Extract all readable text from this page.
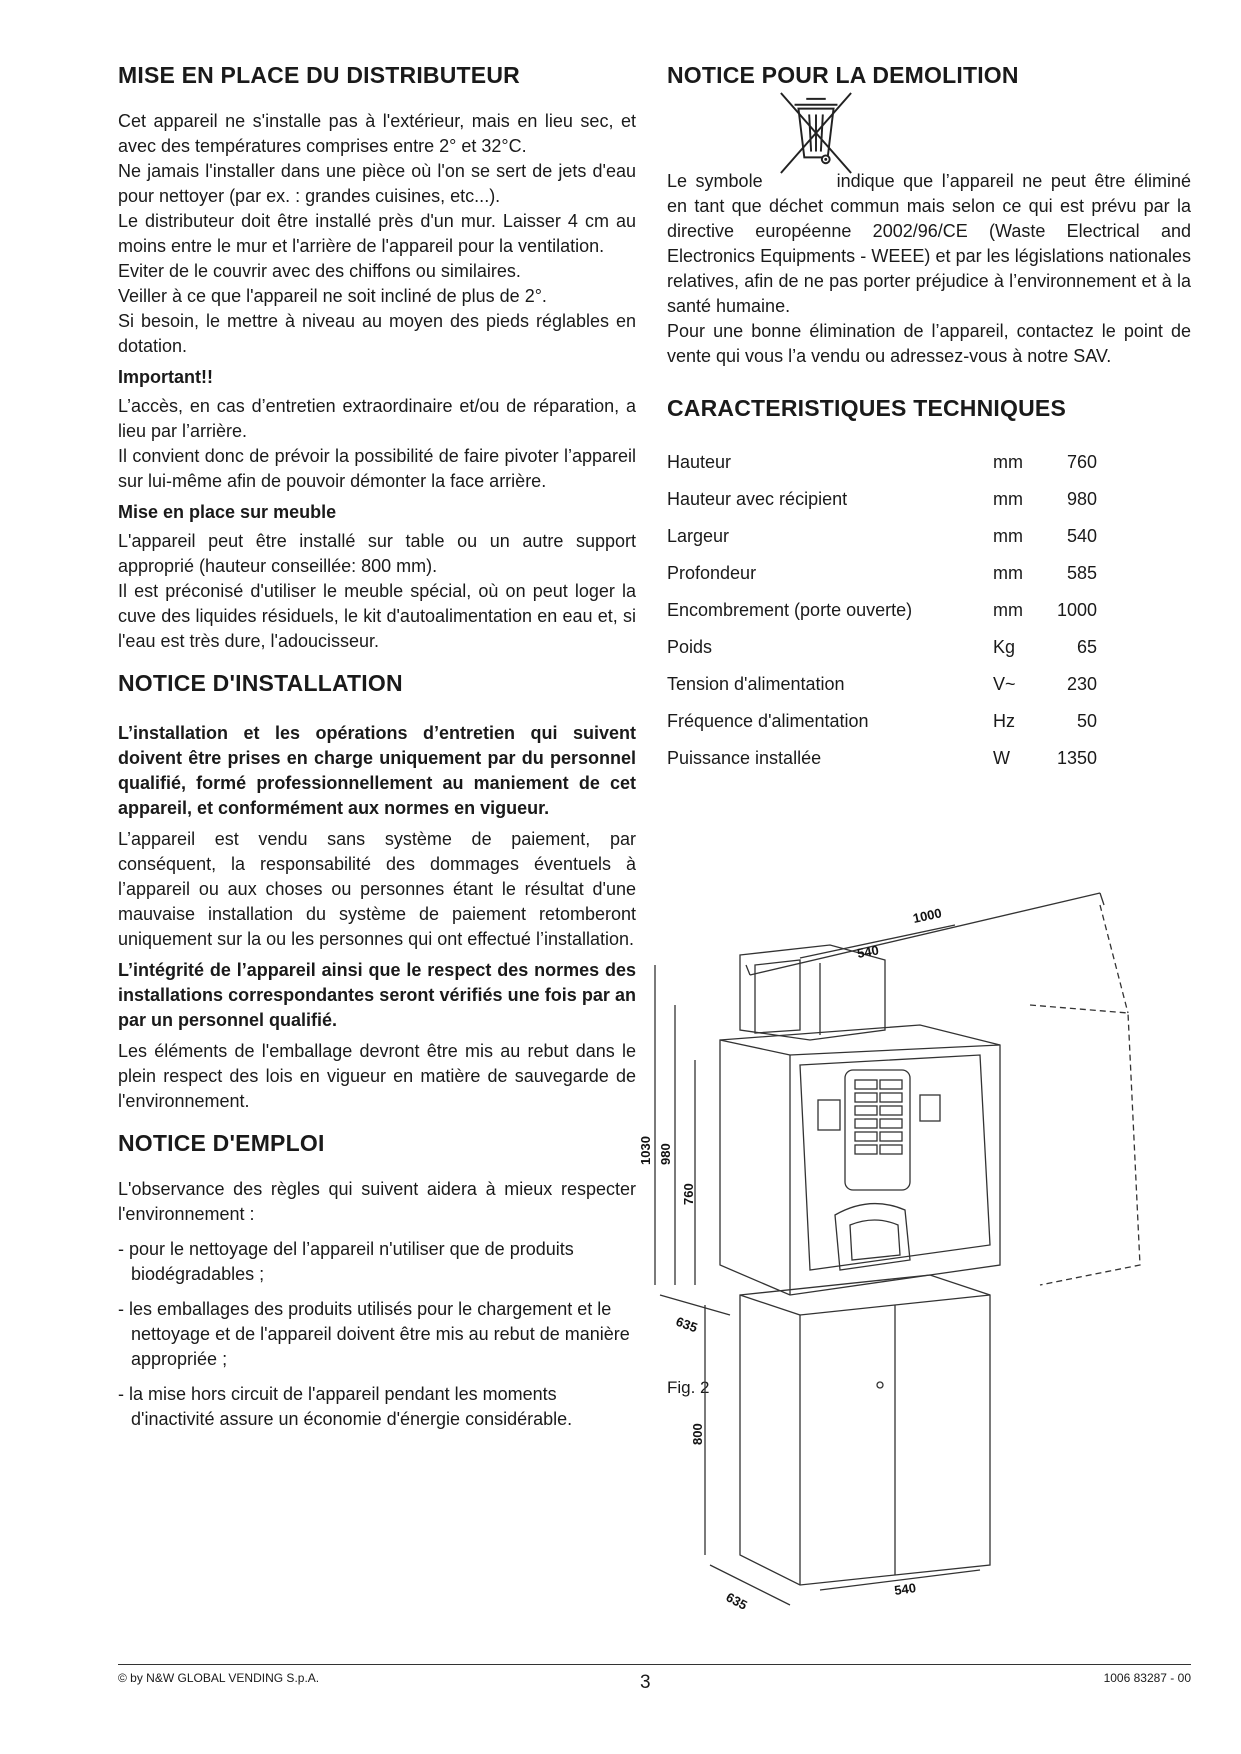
MISE EN PLACE DU DISTRIBUTEUR

Cet appareil ne s'installe pas à l'extérieur, mais en lieu sec, et avec des températures comprises entre 2° et 32°C.

Ne jamais l'installer dans une pièce où l'on se sert de jets d'eau pour nettoyer (par ex. : grandes cuisines, etc...).

Le distributeur doit être installé près d'un mur. Laisser 4 cm au moins entre le mur et l'arrière de l'appareil pour la ventilation.

Eviter de le couvrir avec des chiffons ou similaires.

Veiller à ce que l'appareil ne soit incliné de plus de 2°.

Si besoin, le mettre à niveau au moyen des pieds réglables en dotation.

Important!!

L’accès, en cas d’entretien extraordinaire et/ou de réparation, a lieu par l’arrière.

Il convient donc de prévoir la possibilité de faire pivoter l’appareil sur lui-même afin de pouvoir démonter la face arrière.

Mise en place sur meuble

L'appareil peut être installé sur table ou un autre support approprié (hauteur conseillée: 800 mm).

Il est préconisé d'utiliser le meuble spécial, où on peut loger la cuve des liquides résiduels, le kit d'autoalimentation en eau et, si l'eau est très dure, l'adoucisseur.

NOTICE D'INSTALLATION

L’installation et les opérations d’entretien qui suivent doivent être prises en charge uniquement par du personnel qualifié, formé professionnellement au maniement de cet appareil, et conformément aux normes en vigueur.

L’appareil est vendu sans système de paiement, par conséquent, la responsabilité des dommages éventuels à l’appareil ou aux choses ou personnes étant le résultat d'une mauvaise installation du système de paiement retomberont uniquement sur la ou les personnes qui ont effectué l’installation.

L’intégrité de l’appareil ainsi que le respect des normes des installations correspondantes seront vérifiés une fois par an par un personnel qualifié.

Les éléments de l'emballage devront être mis au rebut dans le plein respect des lois en vigueur en matière de sauvegarde de l'environnement.

NOTICE D'EMPLOI

L'observance des règles qui suivent aidera à mieux respecter l'environnement :

- pour le nettoyage del l’appareil n'utiliser que de produits biodégradables ;
- les emballages des produits utilisés pour le chargement et le nettoyage et de l'appareil doivent être mis au rebut de manière appropriée ;
- la mise hors circuit de l'appareil pendant les moments d'inactivité assure un économie d'énergie considérable.
NOTICE POUR LA DEMOLITION

Le symbole	indique que l’appareil ne peut être éliminé en tant que déchet commun mais selon ce qui est prévu par la directive européenne 2002/96/CE (Waste Electrical and Electronics Equipments - WEEE) et par les législations nationales relatives, afin de ne pas porter préjudice à l’environnement et à la santé humaine.

Pour une bonne élimination de l’appareil, contactez le point de vente qui vous l’a vendu ou adressez-vous à notre SAV.

CARACTERISTIQUES TECHNIQUES
Hauteur	mm	760
Hauteur avec récipient	mm	980
Largeur	mm	540
Profondeur	mm	585
Encombrement (porte ouverte)	mm	1000
Poids	Kg	65
Tension d'alimentation	V~	230
Fréquence d'alimentation	Hz	50
Puissance installée	W	1350
Fig. 2
1000
540
1030 980
760
635
800
635
540
© by N&W GLOBAL VENDING S.p.A.	3	1006 83287 - 00
